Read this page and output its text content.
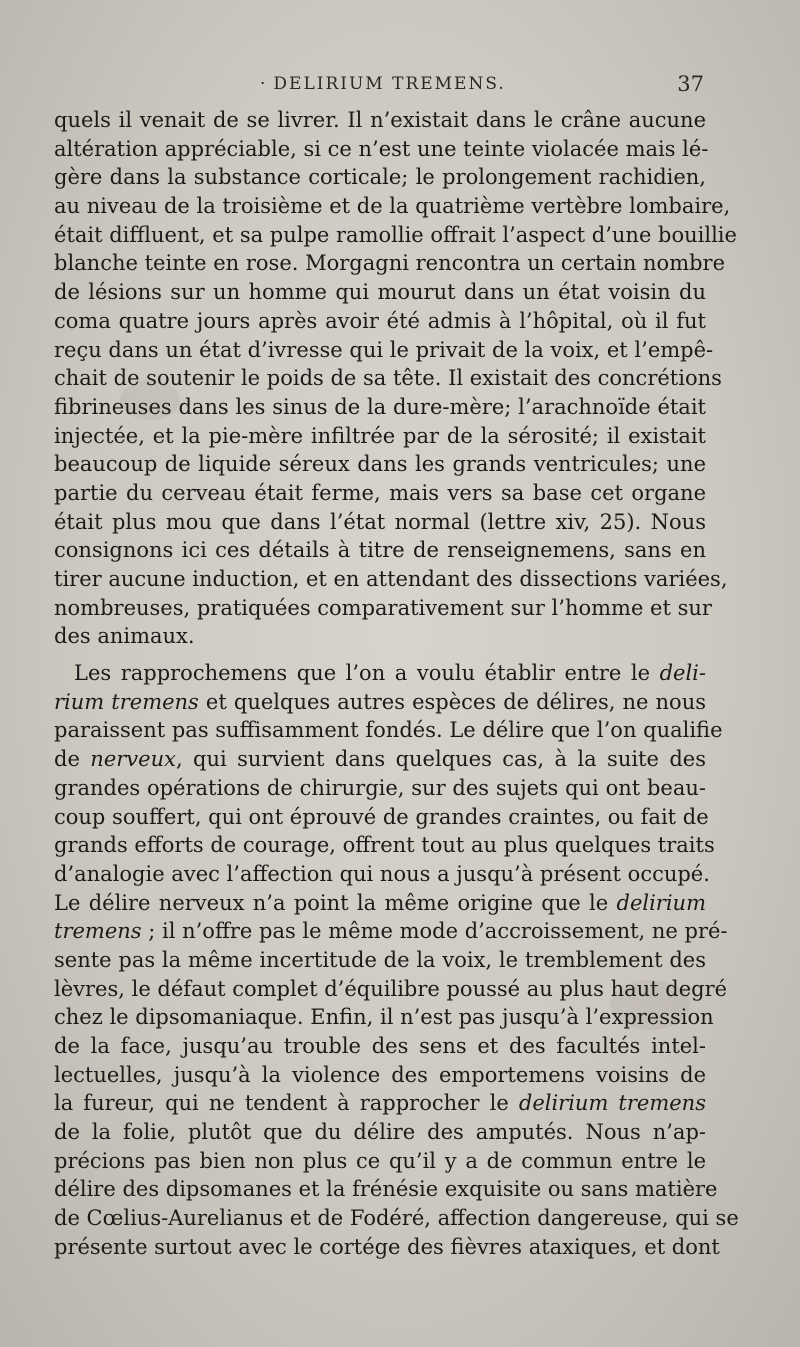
· DELIRIUM TREMENS.	37
quels il venait de se livrer. Il n’existait dans le crâne aucune
altération appréciable, si ce n’est une teinte violacée mais lé-
gère dans la substance corticale; le prolongement rachidien,
au niveau de la troisième et de la quatrième vertèbre lombaire,
était diffluent, et sa pulpe ramollie offrait l’aspect d’une bouillie
blanche teinte en rose. Morgagni rencontra un certain nombre
de lésions sur un homme qui mourut dans un état voisin du
coma quatre jours après avoir été admis à l’hôpital, où il fut
reçu dans un état d’ivresse qui le privait de la voix, et l’empê-
chait de soutenir le poids de sa tête. Il existait des concrétions
fibrineuses dans les sinus de la dure-mère; l’arachnoïde était
injectée, et la pie-mère infiltrée par de la sérosité; il existait
beaucoup de liquide séreux dans les grands ventricules; une
partie du cerveau était ferme, mais vers sa base cet organe
était plus mou que dans l’état normal (lettre xiv, 25). Nous
consignons ici ces détails à titre de renseignemens, sans en
tirer aucune induction, et en attendant des dissections variées,
nombreuses, pratiquées comparativement sur l’homme et sur
des animaux.
Les rapprochemens que l’on a voulu établir entre le deli-
rium tremens et quelques autres espèces de délires, ne nous
paraissent pas suffisamment fondés. Le délire que l’on qualifie
de nerveux, qui survient dans quelques cas, à la suite des
grandes opérations de chirurgie, sur des sujets qui ont beau-
coup souffert, qui ont éprouvé de grandes craintes, ou fait de
grands efforts de courage, offrent tout au plus quelques traits
d’analogie avec l’affection qui nous a jusqu’à présent occupé.
Le délire nerveux n’a point la même origine que le delirium
tremens ; il n’offre pas le même mode d’accroissement, ne pré-
sente pas la même incertitude de la voix, le tremblement des
lèvres, le défaut complet d’équilibre poussé au plus haut degré
chez le dipsomaniaque. Enfin, il n’est pas jusqu’à l’expression
de la face, jusqu’au trouble des sens et des facultés intel-
lectuelles, jusqu’à la violence des emportemens voisins de
la fureur, qui ne tendent à rapprocher le delirium tremens
de la folie, plutôt que du délire des amputés. Nous n’ap-
précions pas bien non plus ce qu’il y a de commun entre le
délire des dipsomanes et la frénésie exquisite ou sans matière
de Cœlius-Aurelianus et de Fodéré, affection dangereuse, qui se
présente surtout avec le cortége des fièvres ataxiques, et dont
